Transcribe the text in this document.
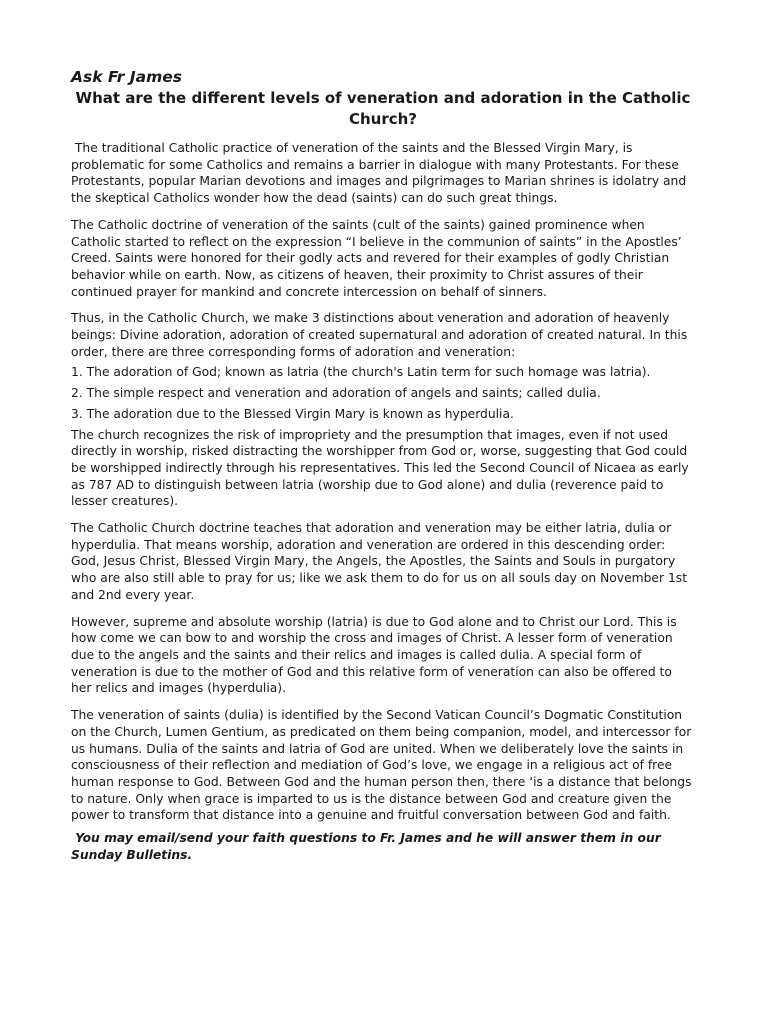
Ask Fr James
What are the different levels of veneration and adoration in the Catholic Church?

The traditional Catholic practice of veneration of the saints and the Blessed Virgin Mary, is problematic for some Catholics and remains a barrier in dialogue with many Protestants. For these Protestants, popular Marian devotions and images and pilgrimages to Marian shrines is idolatry and the skeptical Catholics wonder how the dead (saints) can do such great things.

The Catholic doctrine of veneration of the saints (cult of the saints) gained prominence when Catholic started to reflect on the expression “I believe in the communion of saints” in the Apostles’ Creed. Saints were honored for their godly acts and revered for their examples of godly Christian behavior while on earth. Now, as citizens of heaven, their proximity to Christ assures of their continued prayer for mankind and concrete intercession on behalf of sinners.

Thus, in the Catholic Church, we make 3 distinctions about veneration and adoration of heavenly beings: Divine adoration, adoration of created supernatural and adoration of created natural. In this order, there are three corresponding forms of adoration and veneration:

1. The adoration of God; known as latria (the church's Latin term for such homage was latria).

2. The simple respect and veneration and adoration of angels and saints; called dulia.

3. The adoration due to the Blessed Virgin Mary is known as hyperdulia.

The church recognizes the risk of impropriety and the presumption that images, even if not used directly in worship, risked distracting the worshipper from God or, worse, suggesting that God could be worshipped indirectly through his representatives. This led the Second Council of Nicaea as early as 787 AD to distinguish between latria (worship due to God alone) and dulia (reverence paid to lesser creatures).

The Catholic Church doctrine teaches that adoration and veneration may be either latria, dulia or hyperdulia. That means worship, adoration and veneration are ordered in this descending order: God, Jesus Christ, Blessed Virgin Mary, the Angels, the Apostles, the Saints and Souls in purgatory who are also still able to pray for us; like we ask them to do for us on all souls day on November 1st and 2nd every year.

However, supreme and absolute worship (latria) is due to God alone and to Christ our Lord. This is how come we can bow to and worship the cross and images of Christ. A lesser form of veneration due to the angels and the saints and their relics and images is called dulia. A special form of veneration is due to the mother of God and this relative form of veneration can also be offered to her relics and images (hyperdulia).

The veneration of saints (dulia) is identified by the Second Vatican Council’s Dogmatic Constitution on the Church, Lumen Gentium, as predicated on them being companion, model, and intercessor for us humans. Dulia of the saints and latria of God are united. When we deliberately love the saints in consciousness of their reflection and mediation of God’s love, we engage in a religious act of free human response to God. Between God and the human person then, there ‘is a distance that belongs to nature. Only when grace is imparted to us is the distance between God and creature given the power to transform that distance into a genuine and fruitful conversation between God and faith.

You may email/send your faith questions to Fr. James and he will answer them in our Sunday Bulletins.
